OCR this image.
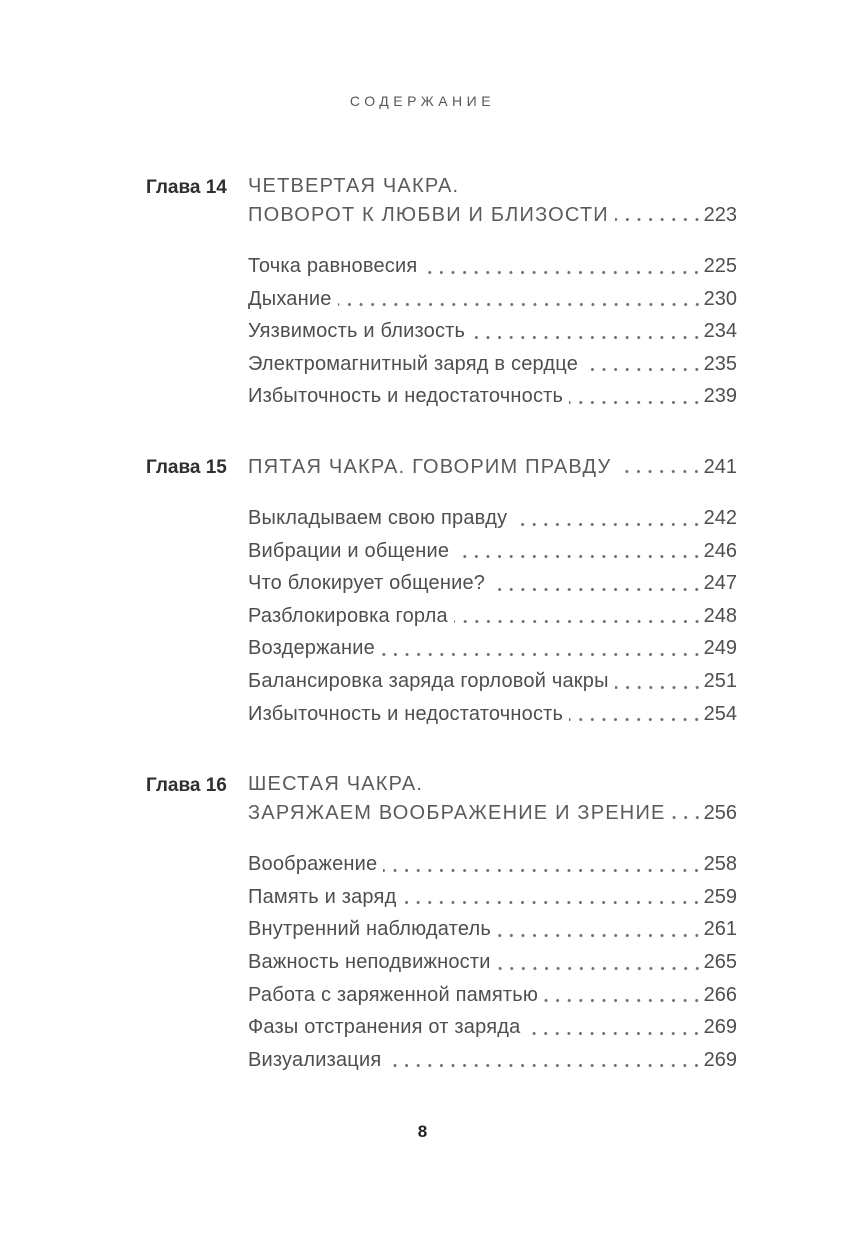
СОДЕРЖАНИЕ
Глава 14	ЧЕТВЕРТАЯ ЧАКРА.
ПОВОРОТ К ЛЮБВИ И БЛИЗОСТИ	223
Точка равновесия	225
Дыхание	230
Уязвимость и близость	234
Электромагнитный заряд в сердце	235
Избыточность и недостаточность	239
Глава 15	ПЯТАЯ ЧАКРА. ГОВОРИМ ПРАВДУ	241
Выкладываем свою правду	242
Вибрации и общение	246
Что блокирует общение?	247
Разблокировка горла	248
Воздержание	249
Балансировка заряда горловой чакры	251
Избыточность и недостаточность	254
Глава 16	ШЕСТАЯ ЧАКРА.
ЗАРЯЖАЕМ ВООБРАЖЕНИЕ И ЗРЕНИЕ 256
Воображение	258
Память и заряд	259
Внутренний наблюдатель	261
Важность неподвижности	265
Работа с заряженной памятью	266
Фазы отстранения от заряда	269
Визуализация	269
8
